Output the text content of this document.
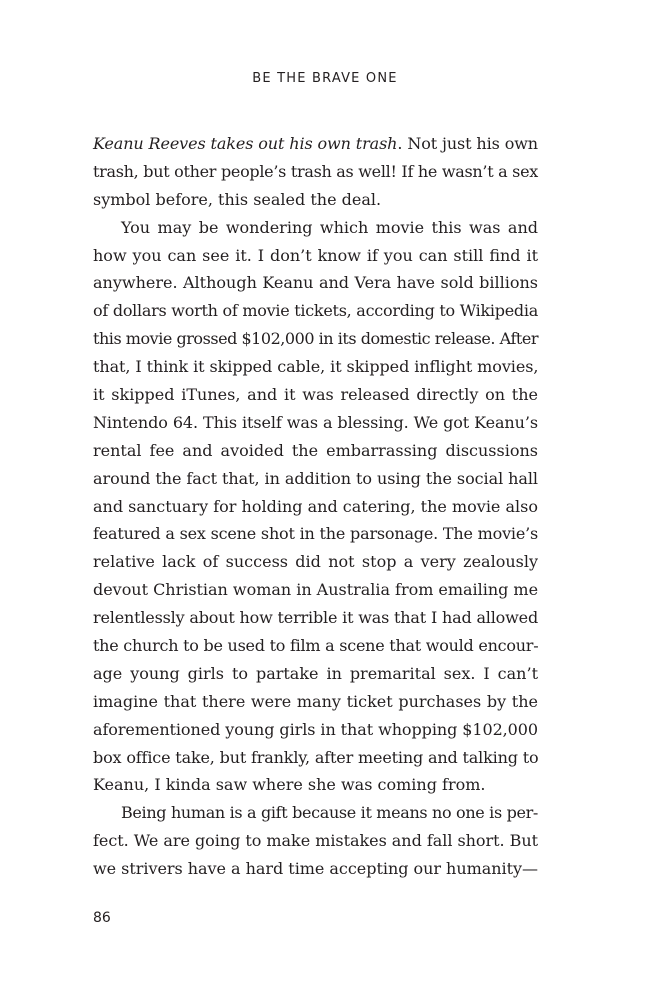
BE THE BRAVE ONE
Keanu Reeves takes out his own trash. Not just his own
trash, but other people’s trash as well! If he wasn’t a sex
symbol before, this sealed the deal.
You may be wondering which movie this was and
how you can see it. I don’t know if you can still find it
anywhere. Although Keanu and Vera have sold billions
of dollars worth of movie tickets, according to Wikipedia
this movie grossed $102,000 in its domestic release. After
that, I think it skipped cable, it skipped inflight movies,
it skipped iTunes, and it was released directly on the
Nintendo 64. This itself was a blessing. We got Keanu’s
rental fee and avoided the embarrassing discussions
around the fact that, in addition to using the social hall
and sanctuary for holding and catering, the movie also
featured a sex scene shot in the parsonage. The movie’s
relative lack of success did not stop a very zealously
devout Christian woman in Australia from emailing me
relentlessly about how terrible it was that I had allowed
the church to be used to film a scene that would encour-
age young girls to partake in premarital sex. I can’t
imagine that there were many ticket purchases by the
aforementioned young girls in that whopping $102,000
box office take, but frankly, after meeting and talking to
Keanu, I kinda saw where she was coming from.
Being human is a gift because it means no one is per-
fect. We are going to make mistakes and fall short. But
we strivers have a hard time accepting our humanity—
86
